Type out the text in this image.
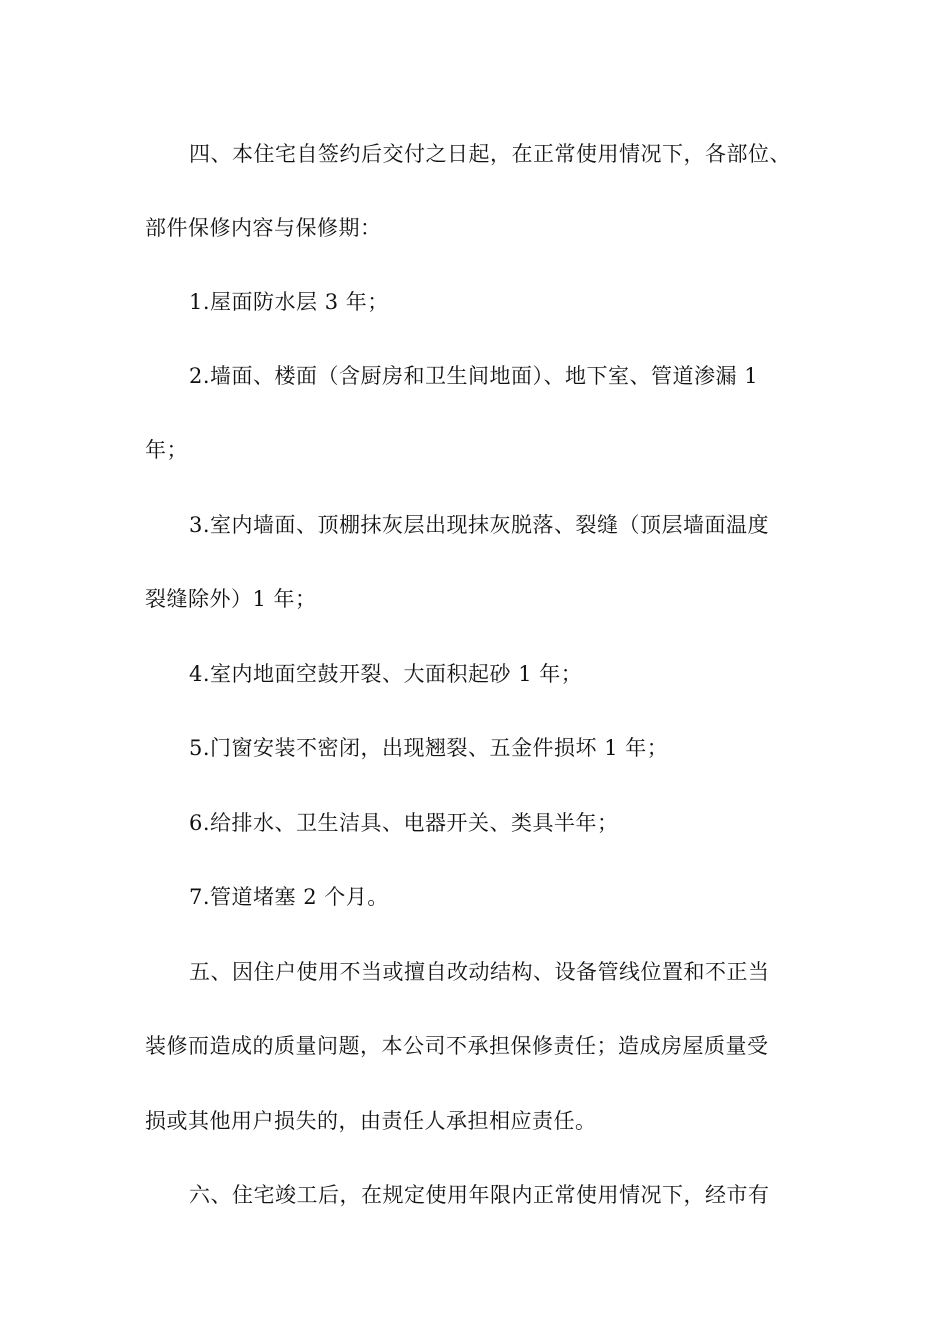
四、本住宅自签约后交付之日起，在正常使用情况下，各部位、
部件保修内容与保修期：
1.屋面防水层 3 年；
2.墙面、楼面（含厨房和卫生间地面）、地下室、管道渗漏 1
年；
3.室内墙面、顶棚抹灰层出现抹灰脱落、裂缝（顶层墙面温度
裂缝除外）1 年；
4.室内地面空鼓开裂、大面积起砂 1 年；
5.门窗安装不密闭，出现翘裂、五金件损坏 1 年；
6.给排水、卫生洁具、电器开关、类具半年；
7.管道堵塞 2 个月。
五、因住户使用不当或擅自改动结构、设备管线位置和不正当
装修而造成的质量问题，本公司不承担保修责任；造成房屋质量受
损或其他用户损失的，由责任人承担相应责任。
六、住宅竣工后，在规定使用年限内正常使用情况下，经市有
